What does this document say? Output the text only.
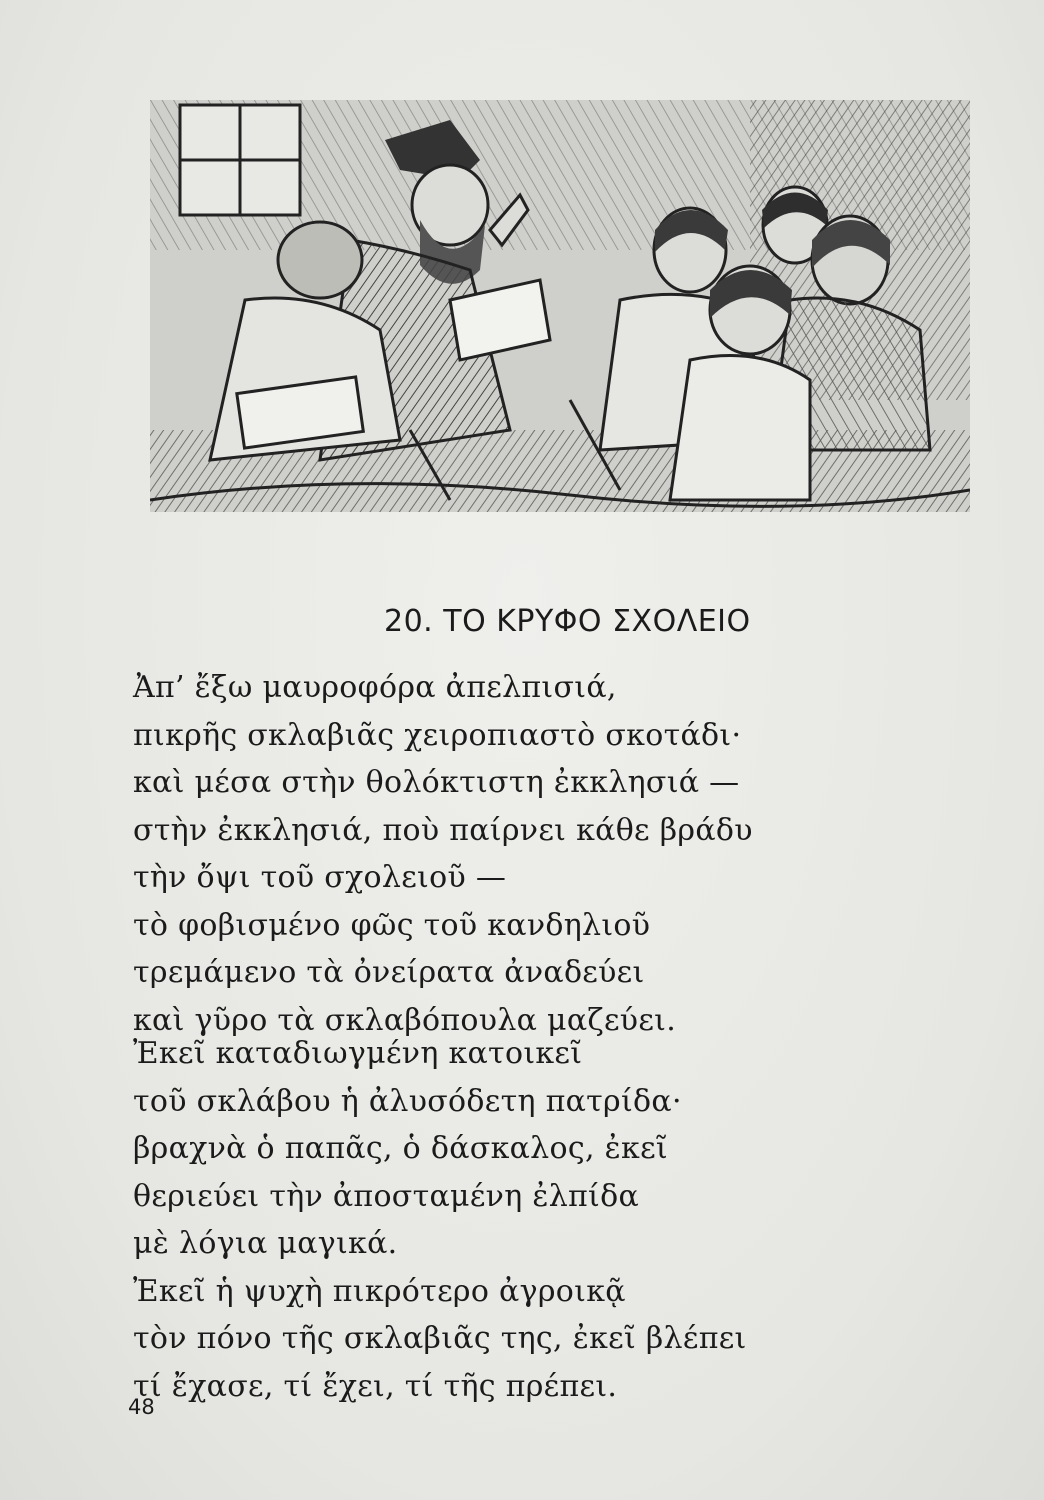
20. ΤΟ ΚΡΥΦΟ ΣΧΟΛΕΙΟ
Ἀπ’ ἔξω μαυροφόρα ἀπελπισιά,
πικρῆς σκλαβιᾶς χειροπιαστὸ σκοτάδι·
καὶ μέσα στὴν θολόκτιστη ἐκκλησιά —
στὴν ἐκκλησιά, ποὺ παίρνει κάθε βράδυ
τὴν ὄψι τοῦ σχολειοῦ —
τὸ φοβισμένο φῶς τοῦ κανδηλιοῦ
τρεμάμενο τὰ ὀνείρατα ἀναδεύει
καὶ γῦρο τὰ σκλαβόπουλα μαζεύει.
Ἐκεῖ καταδιωγμένη κατοικεῖ
τοῦ σκλάβου ἡ ἀλυσόδετη πατρίδα·
βραχνὰ ὁ παπᾶς, ὁ δάσκαλος, ἐκεῖ
θεριεύει τὴν ἀποσταμένη ἐλπίδα
μὲ λόγια μαγικά.
Ἐκεῖ ἡ ψυχὴ πικρότερο ἀγροικᾷ
τὸν πόνο τῆς σκλαβιᾶς της, ἐκεῖ βλέπει
τί ἔχασε, τί ἔχει, τί τῆς πρέπει.
48
